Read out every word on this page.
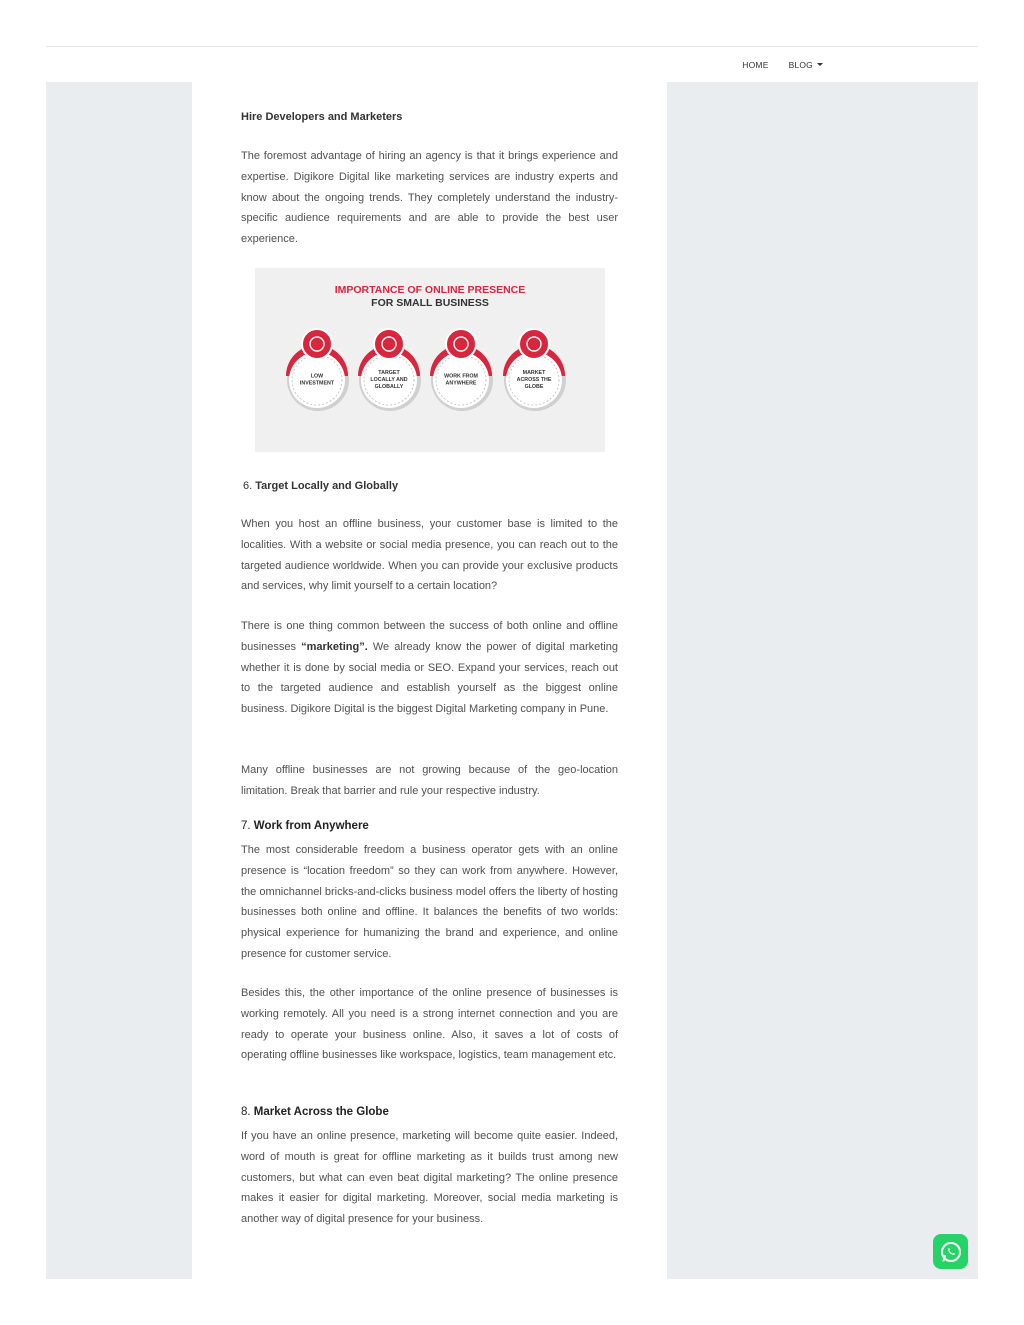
HOME BLOG
Hire Developers and Marketers

The foremost advantage of hiring an agency is that it brings experience and expertise. Digikore Digital like marketing services are industry experts and know about the ongoing trends. They completely understand the industry-specific audience requirements and are able to provide the best user experience.

IMPORTANCE OF ONLINE PRESENCE
FOR SMALL BUSINESS
LOW
INVESTMENT
TARGET
LOCALLY AND
GLOBALLY
WORK FROM
ANYWHERE
MARKET
ACROSS THE
GLOBE
6. Target Locally and Globally

When you host an offline business, your customer base is limited to the localities. With a website or social media presence, you can reach out to the targeted audience worldwide. When you can provide your exclusive products and services, why limit yourself to a certain location?

There is one thing common between the success of both online and offline businesses “marketing”. We already know the power of digital marketing whether it is done by social media or SEO. Expand your services, reach out to the targeted audience and establish yourself as the biggest online business. Digikore Digital is the biggest Digital Marketing company in Pune.

Many offline businesses are not growing because of the geo-location limitation. Break that barrier and rule your respective industry.

7. Work from Anywhere

The most considerable freedom a business operator gets with an online presence is “location freedom” so they can work from anywhere. However, the omnichannel bricks-and-clicks business model offers the liberty of hosting businesses both online and offline. It balances the benefits of two worlds: physical experience for humanizing the brand and experience, and online presence for customer service.

Besides this, the other importance of the online presence of businesses is working remotely. All you need is a strong internet connection and you are ready to operate your business online. Also, it saves a lot of costs of operating offline businesses like workspace, logistics, team management etc.

8. Market Across the Globe

If you have an online presence, marketing will become quite easier. Indeed, word of mouth is great for offline marketing as it builds trust among new customers, but what can even beat digital marketing? The online presence makes it easier for digital marketing. Moreover, social media marketing is another way of digital presence for your business.
